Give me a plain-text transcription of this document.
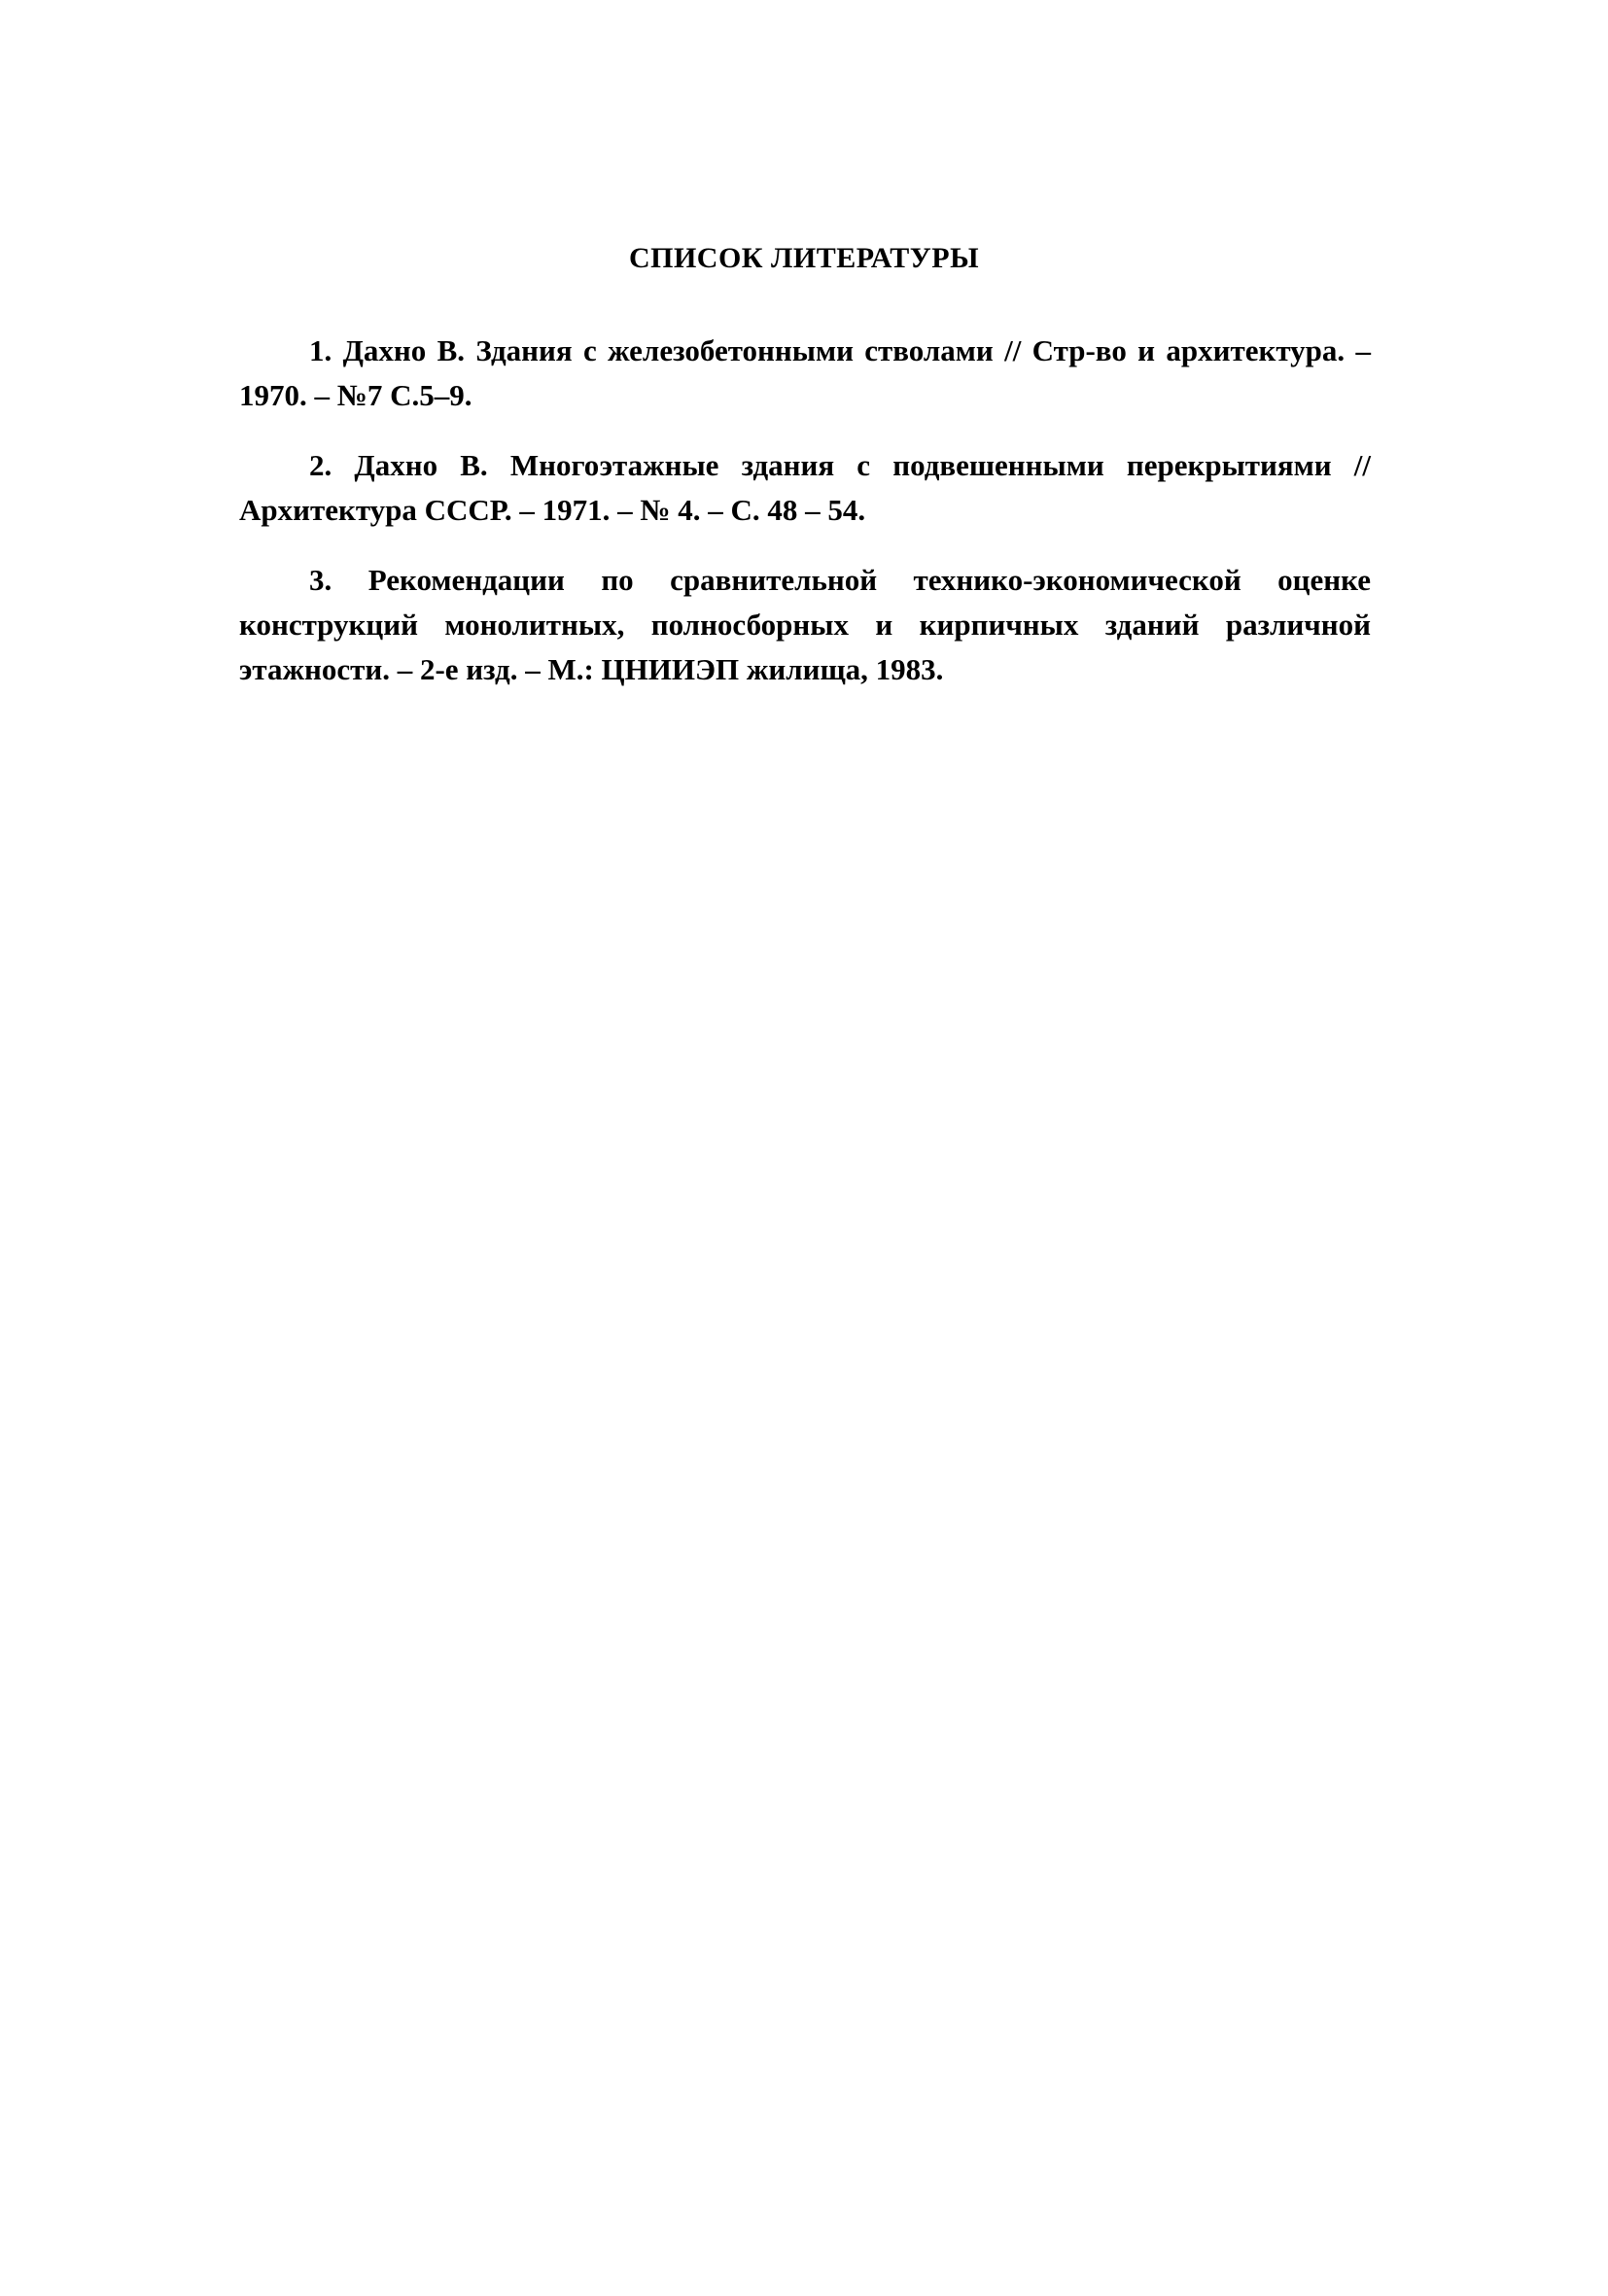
СПИСОК ЛИТЕРАТУРЫ

1. Дахно В. Здания с железобетонными стволами // Стр-во и архитектура. – 1970. – №7 С.5–9.

2. Дахно В. Многоэтажные здания с подвешенными перекрытиями //Архитектура СССР. – 1971. – № 4. – С. 48 – 54.

3. Рекомендации по сравнительной технико-экономической оценке конструкций монолитных, полносборных и кирпичных зданий различной этажности. – 2-е изд. – М.: ЦНИИЭП жилища, 1983.
